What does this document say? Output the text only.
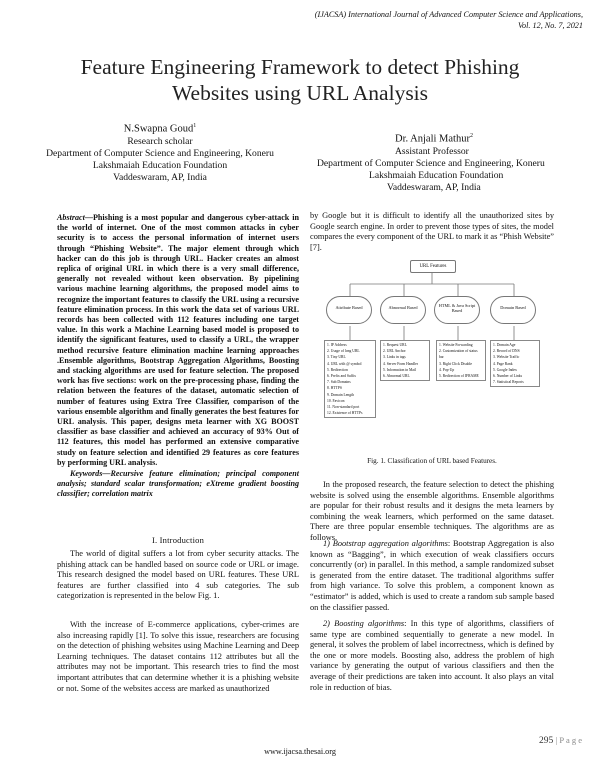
(IJACSA) International Journal of Advanced Computer Science and Applications,
Vol. 12, No. 7, 2021
Feature Engineering Framework to detect Phishing
Websites using URL Analysis
N.Swapna Goud$^1$
Research scholar
Department of Computer Science and Engineering, Koneru
Lakshmaiah Education Foundation
Vaddeswaram, AP, India
Dr. Anjali Mathur$^2$
Assistant Professor
Department of Computer Science and Engineering, Koneru
Lakshmaiah Education Foundation
Vaddeswaram, AP, India
Abstract—Phishing is a most popular and dangerous cyber-attack in the world of internet. One of the most common attacks in cyber security is to access the personal information of internet users through “Phishing Website”. The major element through which hacker can do this job is through URL. Hacker creates an almost replica of original URL in which there is a very small difference, generally not revealed without keen observation. By pipelining various machine learning algorithms, the proposed model aims to recognize the important features to classify the URL using a recursive feature elimination process. In this work the data set of various URL records has been collected with 112 features including one target value. In this work a Machine Learning based model is proposed to identify the significant features, used to classify a URL, the wrapper method recursive feature elimination machine learning approaches .Ensemble algorithms, Bootstrap Aggregation Algorithms, Boosting and stacking algorithms are used for feature selection. The proposed work has five sections: work on the pre-processing phase, finding the relation between the features of the dataset, automatic selection of number of features using Extra Tree Classifier, comparison of the various ensemble algorithm and finally generates the best features for URL analysis. This paper, designs meta learner with XG BOOST classifier as base classifier and achieved an accuracy of 93% Out of 112 features, this model has performed an extensive comparative study on feature selection and identified 29 features as core features by performing URL analysis.
Keywords—Recursive feature elimination; principal component analysis; standard scalar transformation; eXtreme gradient boosting classifier; correlation matrix
I. Introduction

The world of digital suffers a lot from cyber security attacks. The phishing attack can be handled based on source code or URL or image. This research designed the model based on URL features. These URL features are further classified into 4 sub categories. The sub categorization is represented in the below Fig. 1.

With the increase of E-commerce applications, cyber-crimes are also increasing rapidly [1]. To solve this issue, researchers are focusing on the detection of phishing websites using Machine Learning and Deep Learning techniques. The dataset contains 112 attributes but all the attributes may not be important. This research tries to find the most important attributes that can determine whether it is a phishing website or not. Some of the websites access are marked as unauthorized

by Google but it is difficult to identify all the unauthorized sites by Google search engine. In order to prevent those types of sites, the model compares the every component of the URL to mark it as “Phish Website” [7].

URL Features
Attribute Based	Abnormal Based	HTML & Java Script Based
Domain Based
1. IP Address
2. Usage of long URL
3. Tiny URL
4. URL with @ symbol
5. Redirection
6. Prefix and Suffix
7. Sub Domains
8. HTTPS
9. Domain Length
10. Favicon
11. Non-standard port
12. Existence of HTTPs
1. Request URL
2. URL Anchor
3. Links in tags
4. Server Form Handler
5. Information in Mail
6. Abnormal URL
1. Website Forwarding
2. Customization of status bar
3. Right Click Disable
4. Pop-Up
5. Redirection of IFRAME
1. Domain Age
2. Record of DNS
3. Website Traffic
4. Page Rank
5. Google Index
6. Number of Links
7. Statistical Reports
Fig. 1. Classification of URL based Features.

In the proposed research, the feature selection to detect the phishing website is solved using the ensemble algorithms. Ensemble algorithms are popular for their robust results and it designs the meta learners by combining the weak learners, which performed on the same dataset. There are three popular ensemble techniques. The algorithms are as follows.

1) Bootstrap aggregation algorithms: Bootstrap Aggregation is also known as “Bagging”, in which execution of weak classifiers occurs concurrently (or) in parallel. In this method, a sample randomized subset is generated from the entire dataset. The traditional algorithms suffer from high variance. To solve this problem, a component known as “estimator” is added, which is used to create a random sub sample based on the classifier passed.

2) Boosting algorithms: In this type of algorithms, classifiers of same type are combined sequentially to generate a new model. In general, it solves the problem of label incorrectness, which is defined by the one or more models. Boosting also, address the problem of high variance by generating the output of various classifiers and then the average of their predictions are taken into account. It also plays an vital role in reduction of bias.

295 | P a g e
www.ijacsa.thesai.org
